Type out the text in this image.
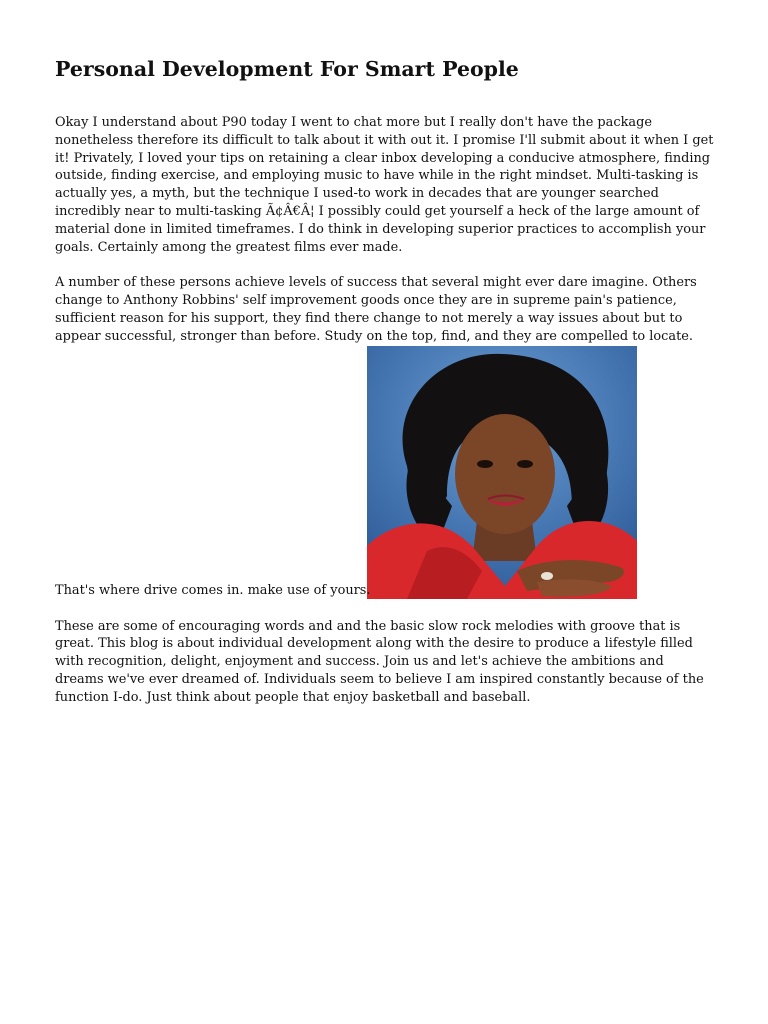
Personal Development For Smart People

Okay I understand about P90 today I went to chat more but I really don't have the package nonetheless therefore its difficult to talk about it with out it. I promise I'll submit about it when I get it! Privately, I loved your tips on retaining a clear inbox developing a conducive atmosphere, finding outside, finding exercise, and employing music to have while in the right mindset. Multi-tasking is actually yes, a myth, but the technique I used-to work in decades that are younger searched incredibly near to multi-tasking Ã¢Â€Â¦ I possibly could get yourself a heck of the large amount of material done in limited timeframes. I do think in developing superior practices to accomplish your goals. Certainly among the greatest films ever made.

A number of these persons achieve levels of success that several might ever dare imagine. Others change to Anthony Robbins' self improvement goods once they are in supreme pain's patience, sufficient reason for his support, they find there change to not merely a way issues about but to appear successful, stronger than before. Study on the top, find, and they are compelled to locate.

That's where drive comes in. make use of yours.

These are some of encouraging words and and the basic slow rock melodies with groove that is great. This blog is about individual development along with the desire to produce a lifestyle filled with recognition, delight, enjoyment and success. Join us and let's achieve the ambitions and dreams we've ever dreamed of. Individuals seem to believe I am inspired constantly because of the function I-do. Just think about people that enjoy basketball and baseball.
